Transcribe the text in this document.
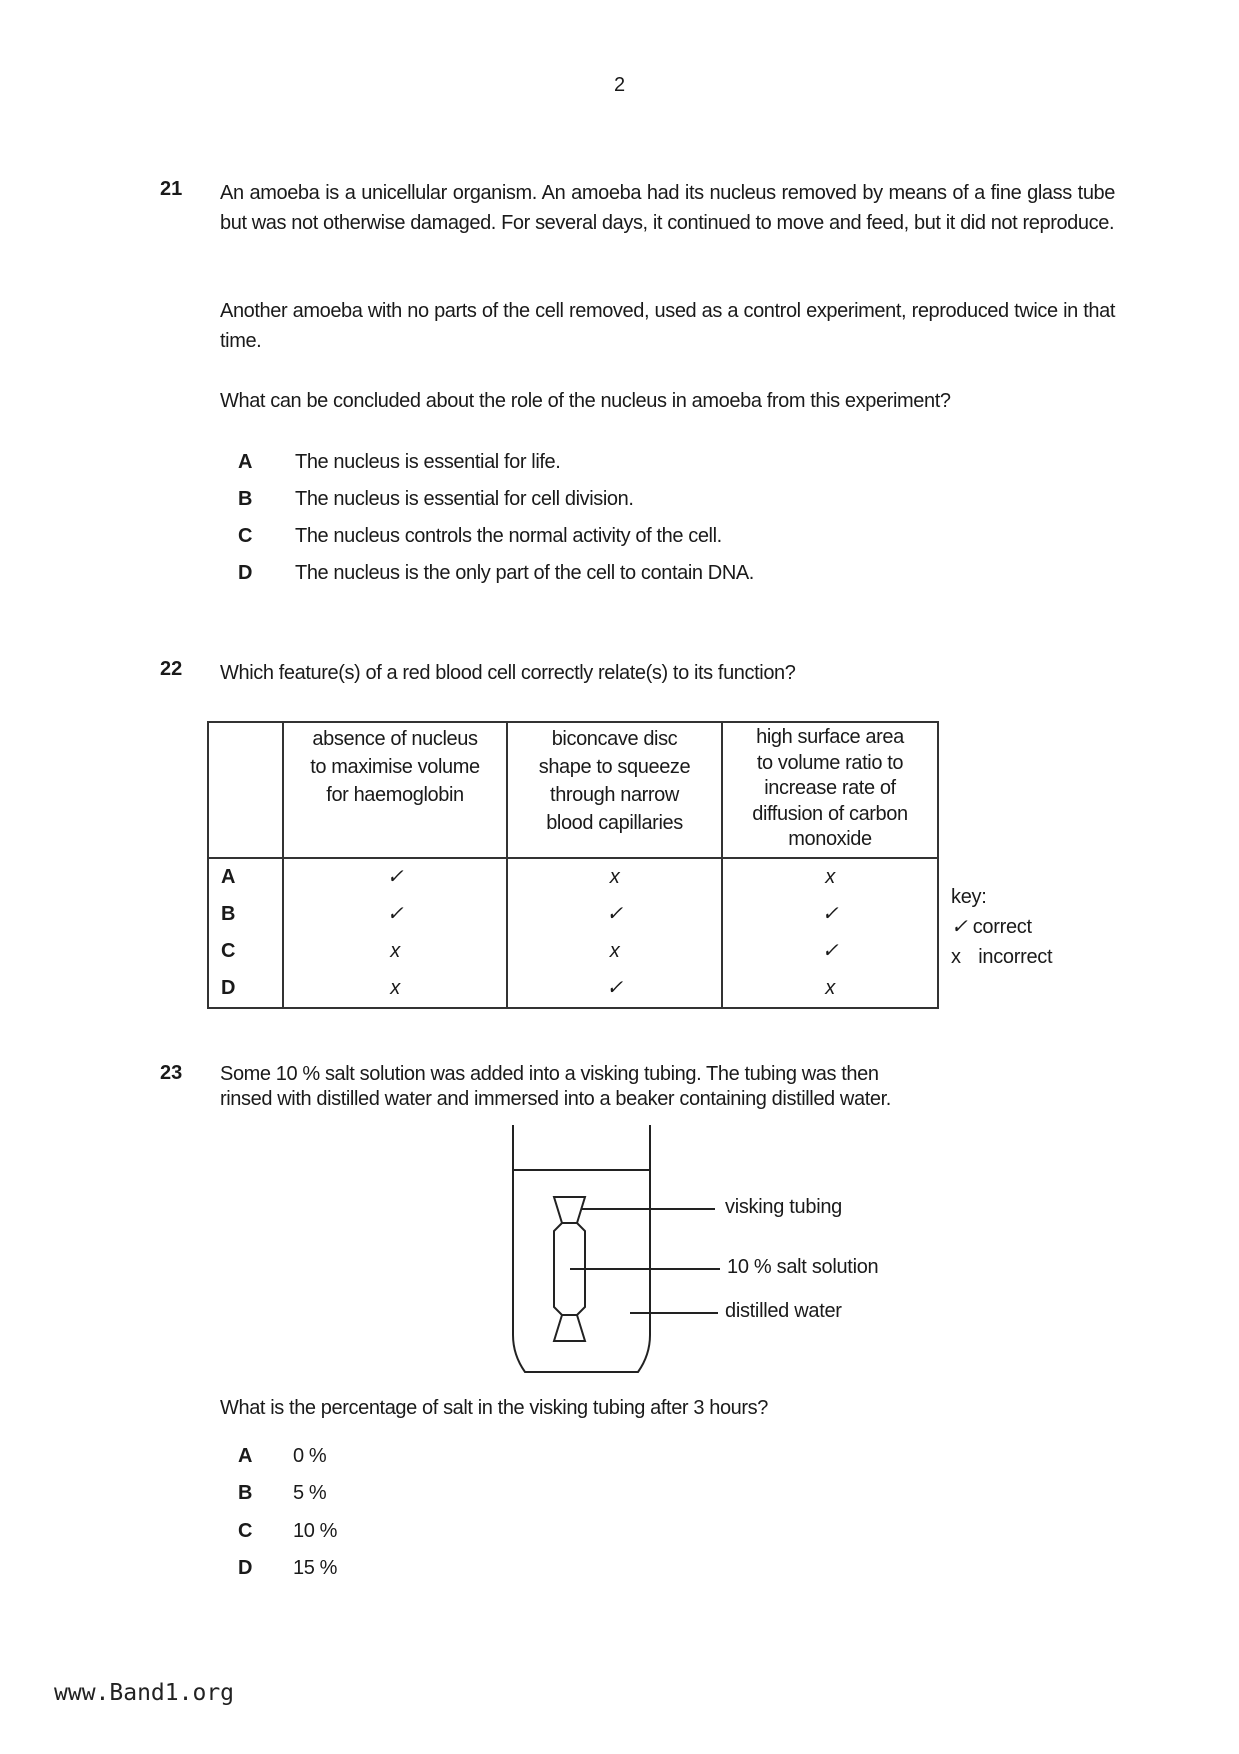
2
21 An amoeba is a unicellular organism. An amoeba had its nucleus removed by means of a fine glass tube but was not otherwise damaged. For several days, it continued to move and feed, but it did not reproduce.
Another amoeba with no parts of the cell removed, used as a control experiment, reproduced twice in that time.
What can be concluded about the role of the nucleus in amoeba from this experiment?
A The nucleus is essential for life.
B The nucleus is essential for cell division.
C The nucleus controls the normal activity of the cell.
D The nucleus is the only part of the cell to contain DNA.
22 Which feature(s) of a red blood cell correctly relate(s) to its function?

absence of nucleus
to maximise volume
for haemoglobin

biconcave disc
shape to squeeze
through narrow
blood capillaries

high surface area
to volume ratio to
increase rate of
diffusion of carbon
monoxide

A	✓	x	x
B	✓	✓	✓
C	x	x	✓
D	x	✓	x
key:
✓ correct
x incorrect
23 Some 10 % salt solution was added into a visking tubing. The tubing was then
rinsed with distilled water and immersed into a beaker containing distilled water.
visking tubing
10 % salt solution
distilled water
What is the percentage of salt in the visking tubing after 3 hours?
A 0 %
B 5 %
C 10 %
D 15 %
www.Band1.org
